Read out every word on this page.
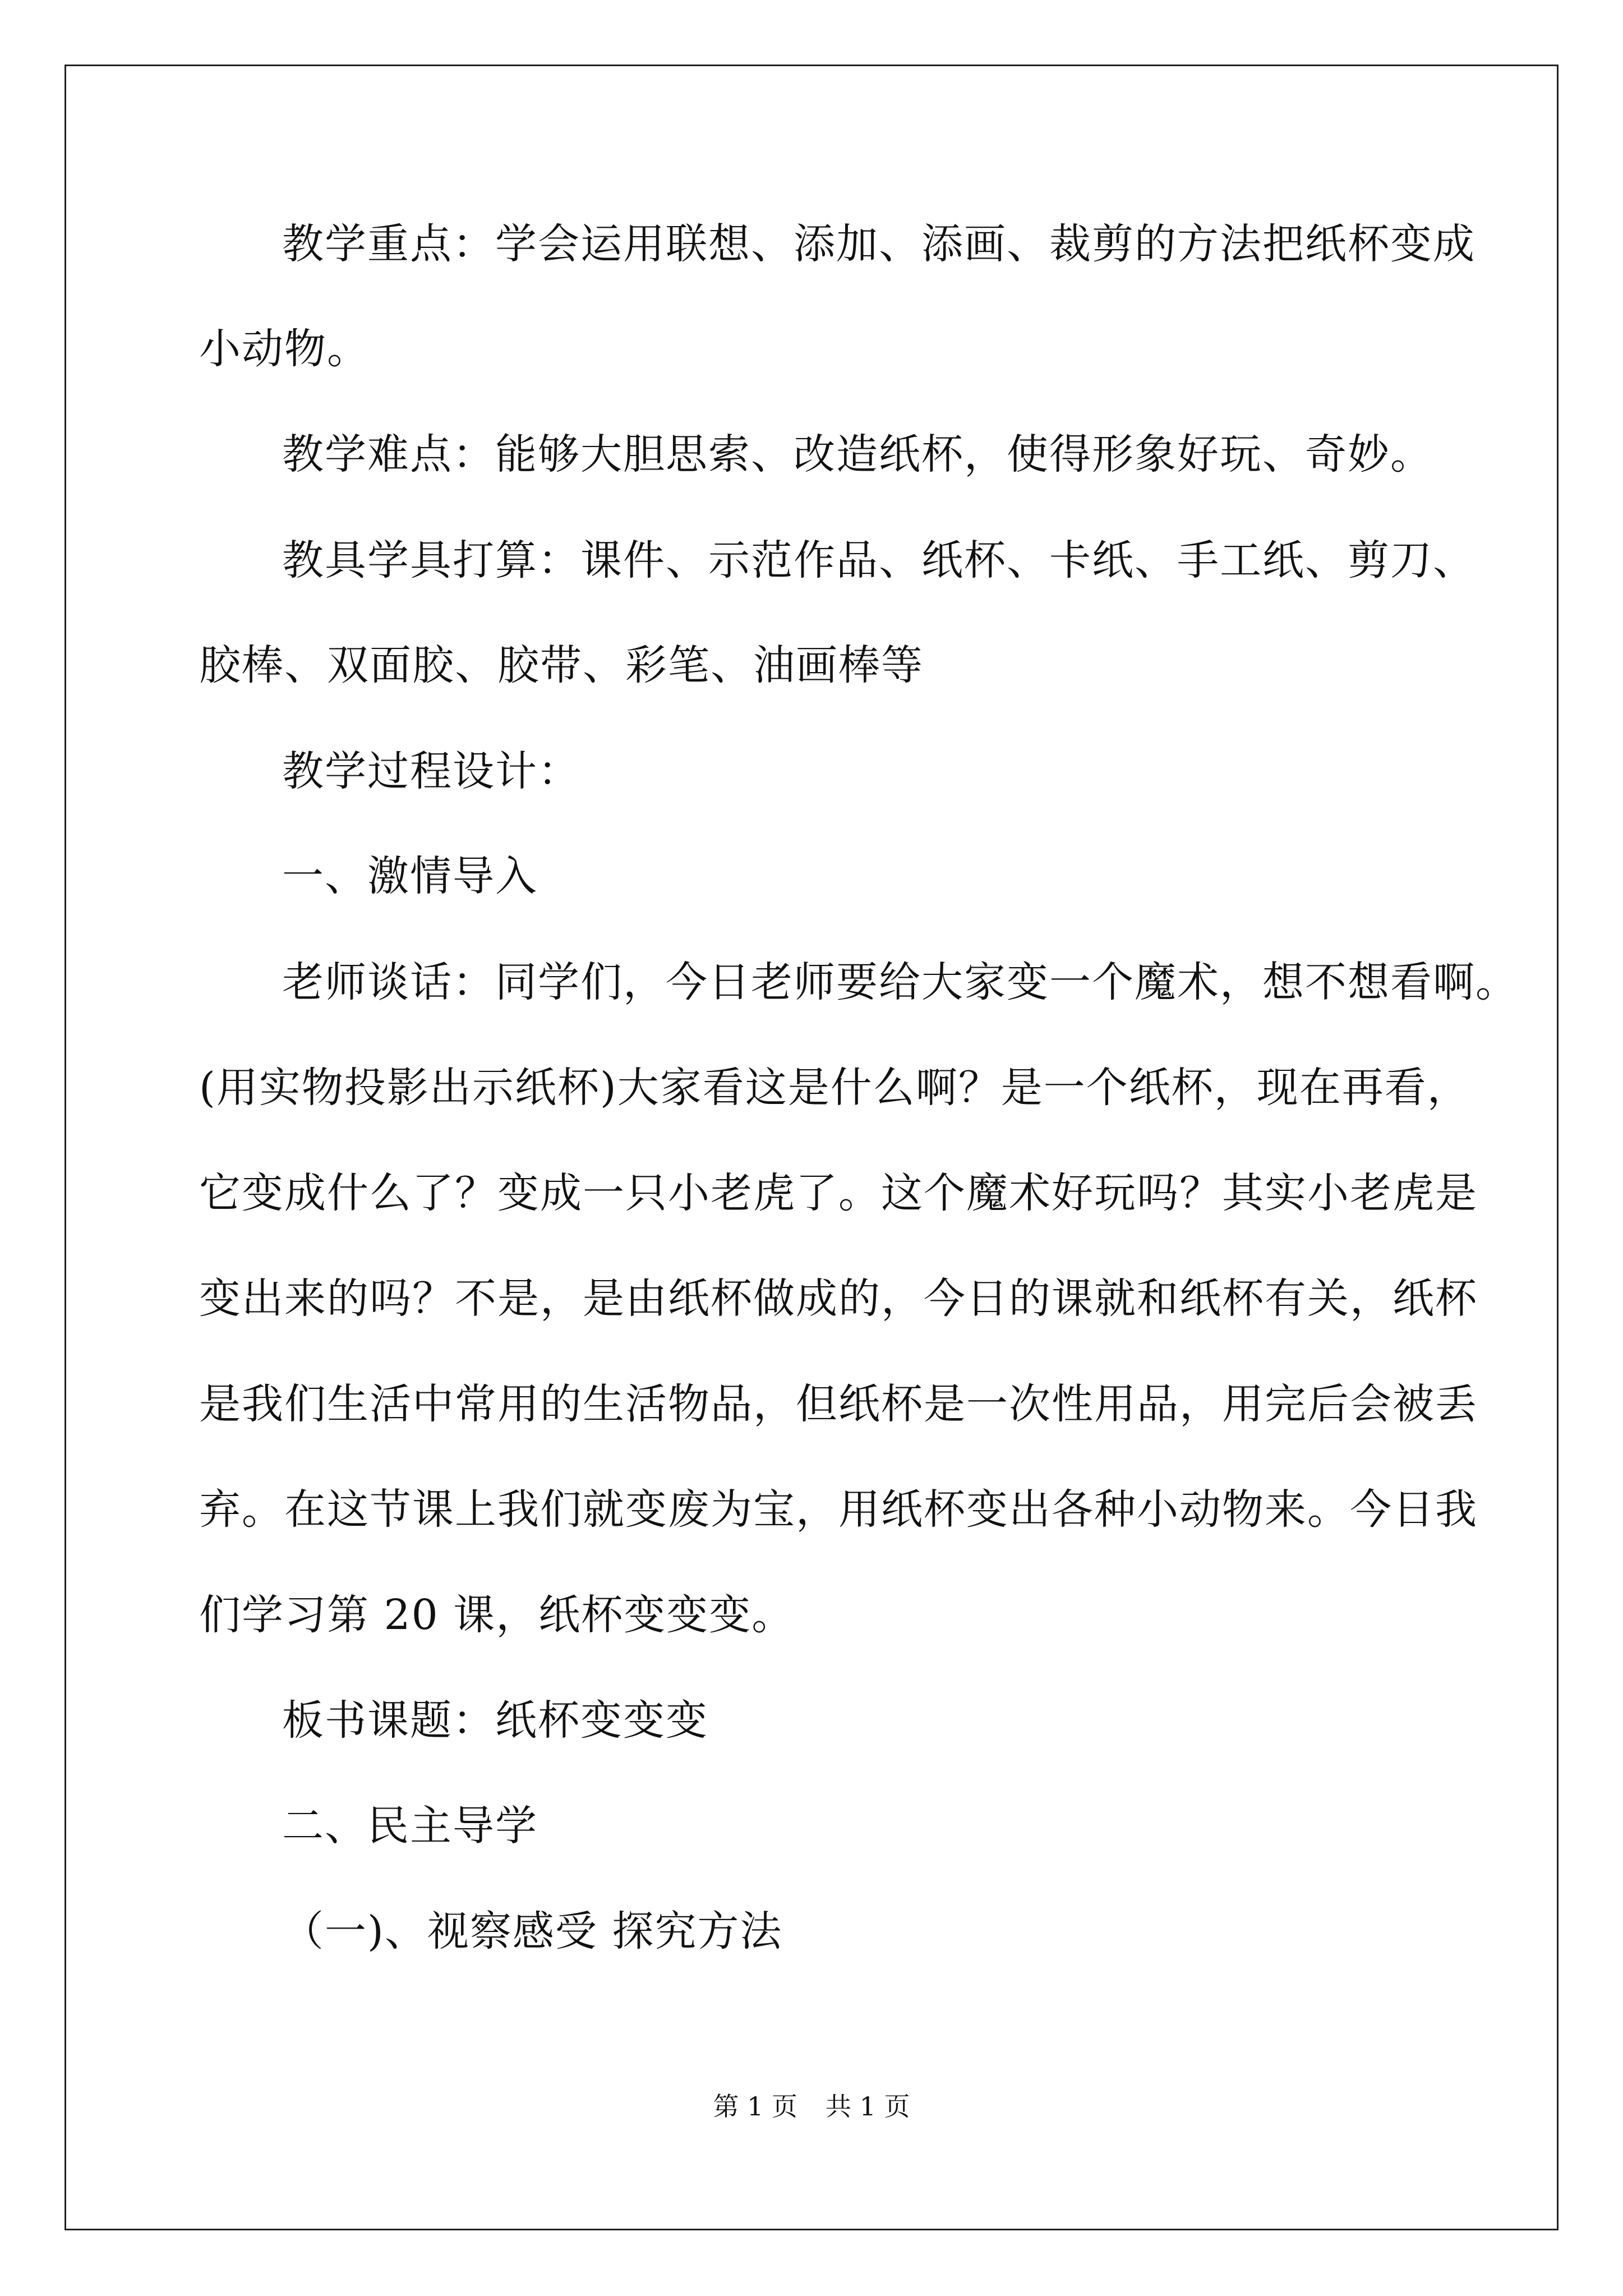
教学重点：学会运用联想、添加、添画、裁剪的方法把纸杯变成
小动物。
教学难点：能够大胆思索、改造纸杯，使得形象好玩、奇妙。
教具学具打算：课件、示范作品、纸杯、卡纸、手工纸、剪刀、
胶棒、双面胶、胶带、彩笔、油画棒等
教学过程设计：
一、激情导入
老师谈话：同学们，今日老师要给大家变一个魔术，想不想看啊。
(用实物投影出示纸杯)大家看这是什么啊？是一个纸杯，现在再看，
它变成什么了？变成一只小老虎了。这个魔术好玩吗？其实小老虎是
变出来的吗？不是，是由纸杯做成的，今日的课就和纸杯有关，纸杯
是我们生活中常用的生活物品，但纸杯是一次性用品，用完后会被丢
弃。在这节课上我们就变废为宝，用纸杯变出各种小动物来。今日我
们学习第 20 课，纸杯变变变。
板书课题：纸杯变变变
二、民主导学
（一)、视察感受 探究方法
第 1 页 共 1 页
